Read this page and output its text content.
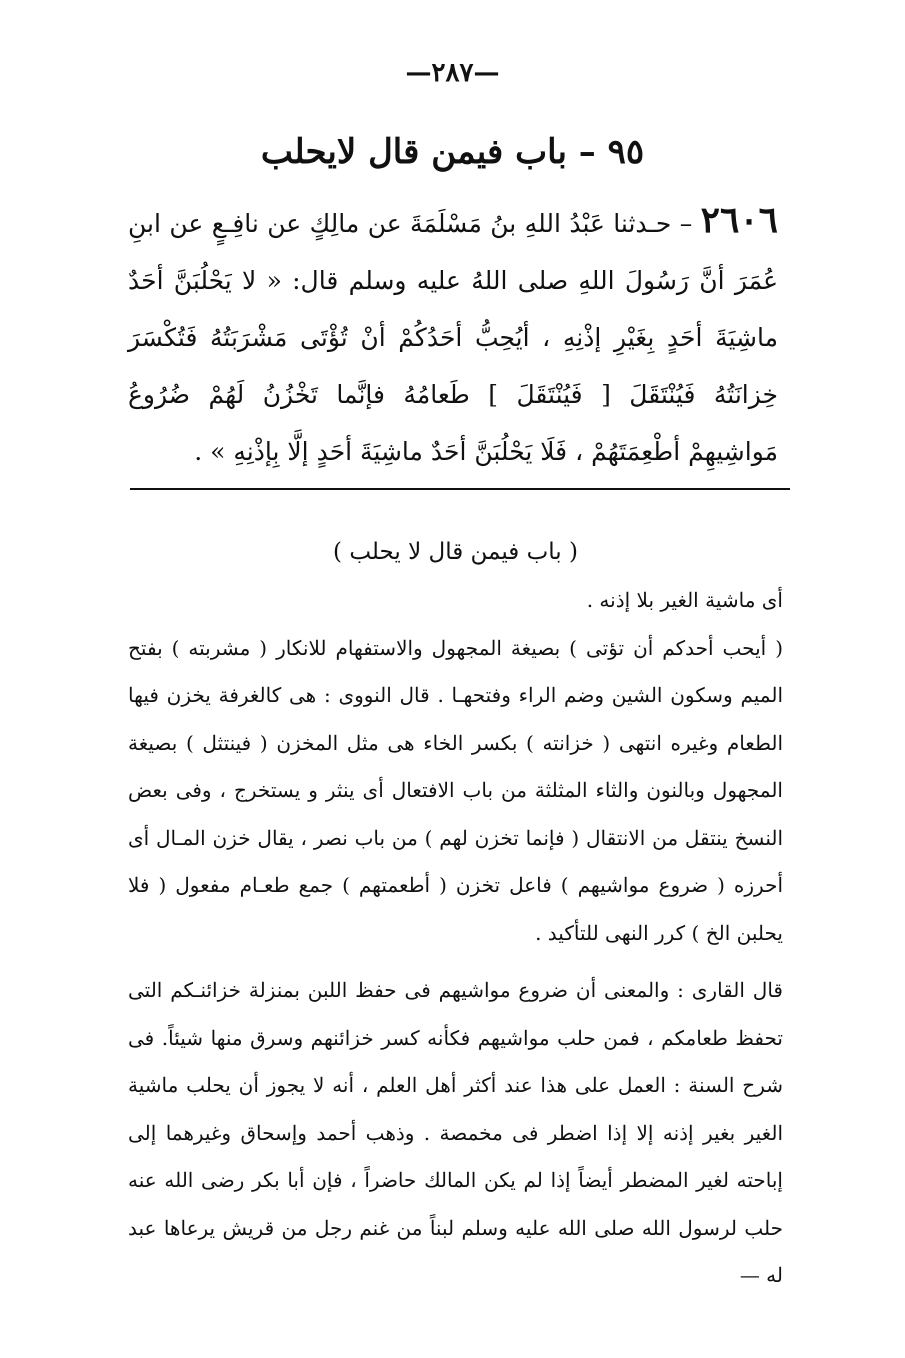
—٢٨٧—
٩٥ – باب فيمن قال لايحلب
٢٦٠٦ – حـدثنا عَبْدُ اللهِ بنُ مَسْلَمَةَ عن مالِكٍ عن نافِـعٍ عن ابنِ عُمَرَ أنَّ رَسُولَ اللهِ صلى اللهُ عليه وسلم قال: « لا يَحْلُبَنَّ أحَدٌ ماشِيَةَ أحَدٍ بِغَيْرِ إذْنِهِ ، أيُحِبُّ أحَدُكُمْ أنْ تُؤْتَى مَشْرَبَتُهُ فَتُكْسَرَ خِزانَتُهُ فَيُنْتَقَلَ [ فَيُنْتَقَلَ ] طَعامُهُ فإنَّما تَخْزُنُ لَهُمْ ضُرُوعُ مَواشِيهِمْ أطْعِمَتَهُمْ ، فَلَا يَحْلُبَنَّ أحَدٌ ماشِيَةَ أحَدٍ إلَّا بِإذْنِهِ » .
( باب فيمن قال لا يحلب )

أى ماشية الغير بلا إذنه .

( أيحب أحدكم أن تؤتى ) بصيغة المجهول والاستفهام للانكار ( مشربته ) بفتح الميم وسكون الشين وضم الراء وفتحهـا . قال النووى : هى كالغرفة يخزن فيها الطعام وغيره انتهى ( خزانته ) بكسر الخاء هى مثل المخزن ( فينتثل ) بصيغة المجهول وبالنون والثاء المثلثة من باب الافتعال أى ينثر و يستخرج ، وفى بعض النسخ ينتقل من الانتقال ( فإنما تخزن لهم ) من باب نصر ، يقال خزن المـال أى أحرزه ( ضروع مواشيهم ) فاعل تخزن ( أطعمتهم ) جمع طعـام مفعول ( فلا يحلبن الخ ) كرر النهى للتأكيد .

قال القارى : والمعنى أن ضروع مواشيهم فى حفظ اللبن بمنزلة خزائنـكم التى تحفظ طعامكم ، فمن حلب مواشيهم فكأنه كسر خزائنهم وسرق منها شيئاً. فى شرح السنة : العمل على هذا عند أكثر أهل العلم ، أنه لا يجوز أن يحلب ماشية الغير بغير إذنه إلا إذا اضطر فى مخمصة . وذهب أحمد وإسحاق وغيرهما إلى إباحته لغير المضطر أيضاً إذا لم يكن المالك حاضراً ، فإن أبا بكر رضى الله عنه حلب لرسول الله صلى الله عليه وسلم لبناً من غنم رجل من قريش يرعاها عبد له —
